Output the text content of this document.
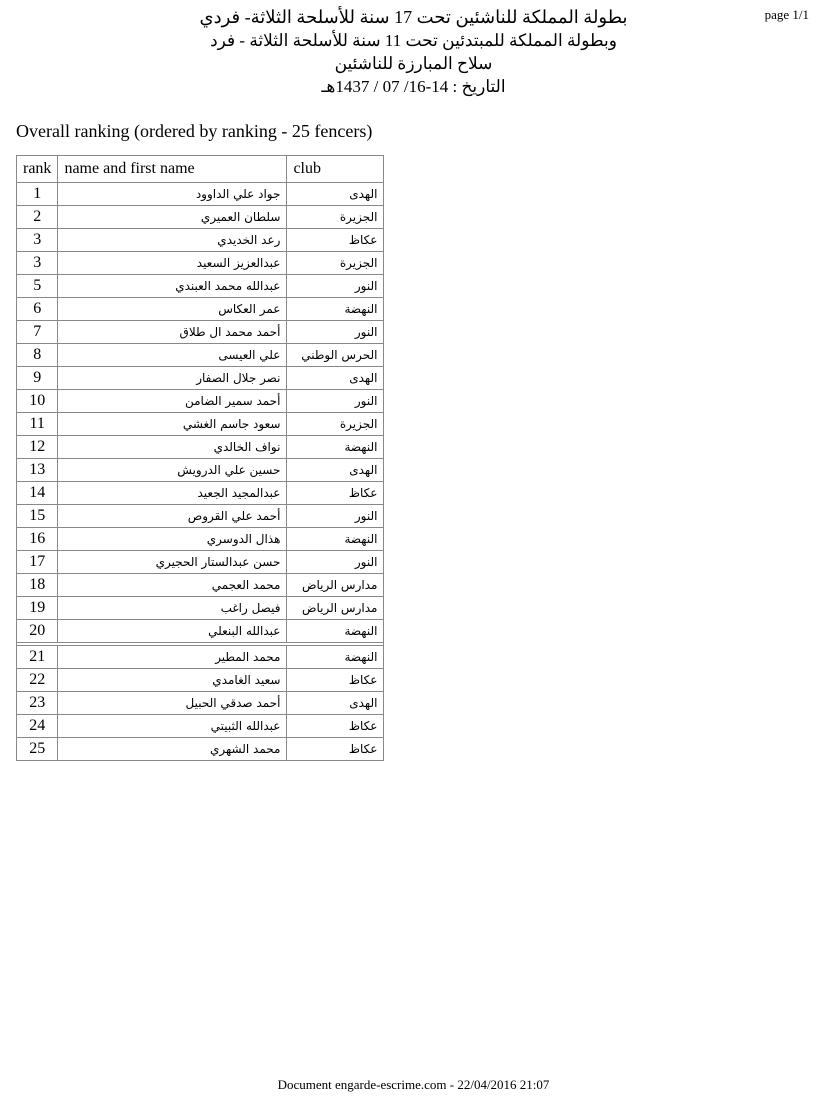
page 1/1
بطولة المملكة للناشئين تحت 17 سنة للأسلحة الثلاثة- فردي
وبطولة المملكة للمبتدئين تحت 11 سنة للأسلحة الثلاثة - فرد
سلاح المبارزة للناشئين
التاريخ : 14-16/ 07 / 1437هـ
Overall ranking (ordered by ranking - 25 fencers)
rank	name and first name	club
1	جواد علي الداوود	الهدى
2	سلطان العميري	الجزيرة
3	رعد الخديدي	عكاظ
3	عبدالعزيز السعيد	الجزيرة
5	عبدالله محمد العبندي	النور
6	عمر العكاس	النهضة
7	أحمد محمد ال طلاق	النور
8	علي العيسى	الحرس الوطني
9	نصر جلال الصفار	الهدى
10	أحمد سمير الضامن	النور
11	سعود جاسم الغشي	الجزيرة
12	نواف الخالدي	النهضة
13	حسين علي الدرويش	الهدى
14	عبدالمجيد الجعيد	عكاظ
15	أحمد علي القروص	النور
16	هذال الدوسري	النهضة
17	حسن عبدالستار الحجيري	النور
18	محمد العجمي	مدارس الرياض
19	فيصل راغب	مدارس الرياض
20	عبدالله البنعلي	النهضة

21	محمد المطير	النهضة
22	سعيد الغامدي	عكاظ
23	أحمد صدقي الحبيل	الهدى
24	عبدالله الثبيتي	عكاظ
25	محمد الشهري	عكاظ
Document engarde-escrime.com - 22/04/2016 21:07
